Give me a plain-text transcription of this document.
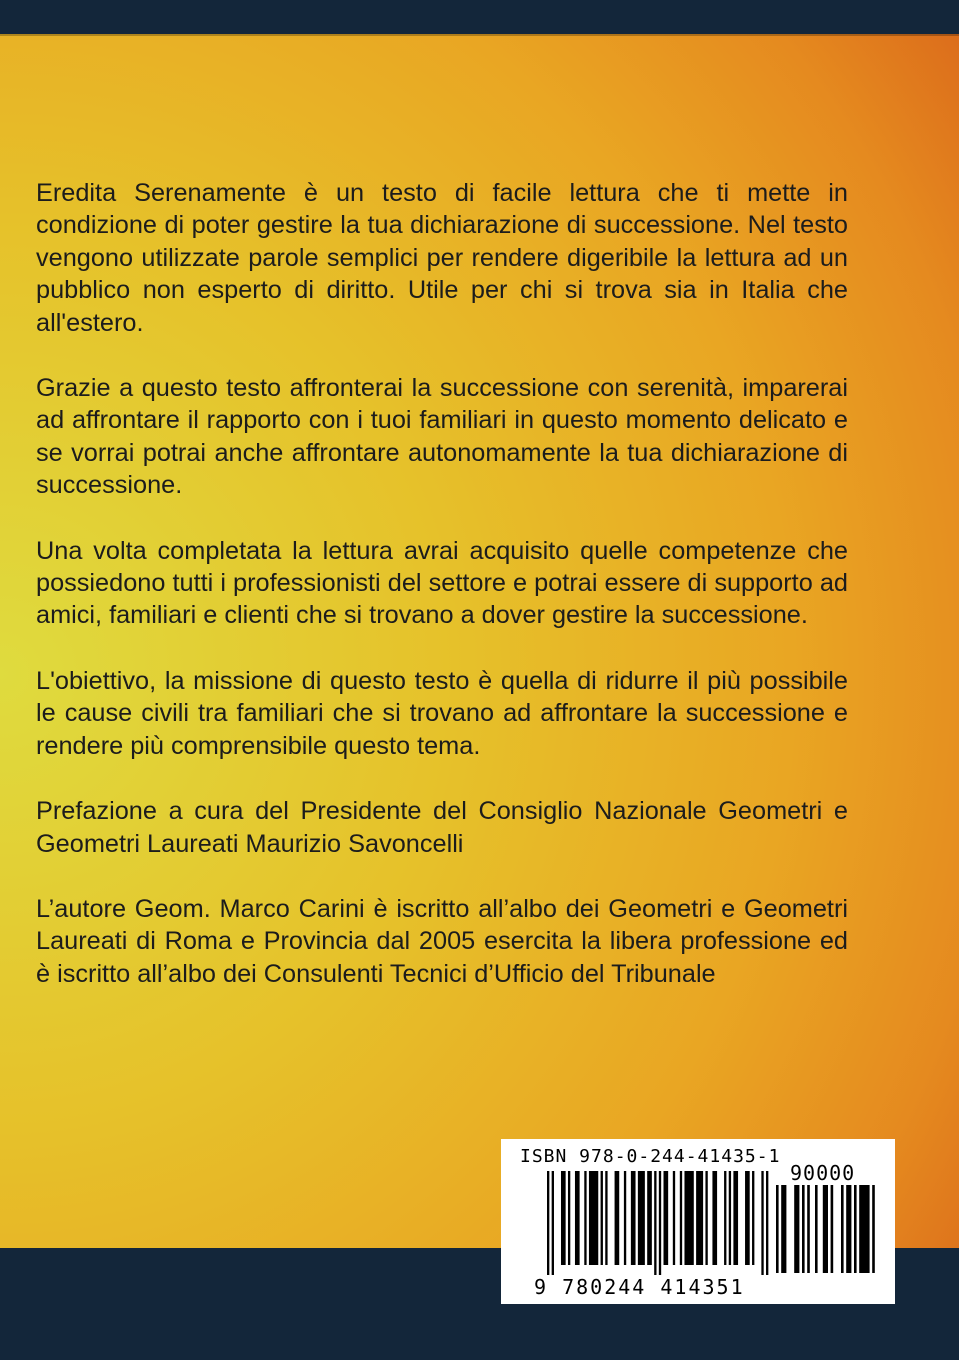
Eredita Serenamente è un testo di facile lettura che ti mette in condizione di poter gestire la tua dichiarazione di successione. Nel testo vengono utilizzate parole semplici per rendere digeribile la lettura ad un pubblico non esperto di diritto. Utile per chi si trova sia in Italia che all'estero.

Grazie a questo testo affronterai la successione con serenità, imparerai ad affrontare il rapporto con i tuoi familiari in questo momento delicato e se vorrai potrai anche affrontare autonomamente la tua dichiarazione di successione.

Una volta completata la lettura avrai acquisito quelle competenze che possiedono tutti i professionisti del settore e potrai essere di supporto ad amici, familiari e clienti che si trovano a dover gestire la successione.

L'obiettivo, la missione di questo testo è quella di ridurre il più possibile le cause civili tra familiari che si trovano ad affrontare la successione e rendere più comprensibile questo tema.

Prefazione a cura del Presidente del Consiglio Nazionale Geometri e Geometri Laureati Maurizio Savoncelli

L’autore Geom. Marco Carini è iscritto all’albo dei Geometri e Geometri Laureati di Roma e Provincia dal 2005 esercita la libera professione ed è iscritto all’albo dei Consulenti Tecnici d’Ufficio del Tribunale

ISBN 978-0-244-41435-1
90000
9 780244 414351
